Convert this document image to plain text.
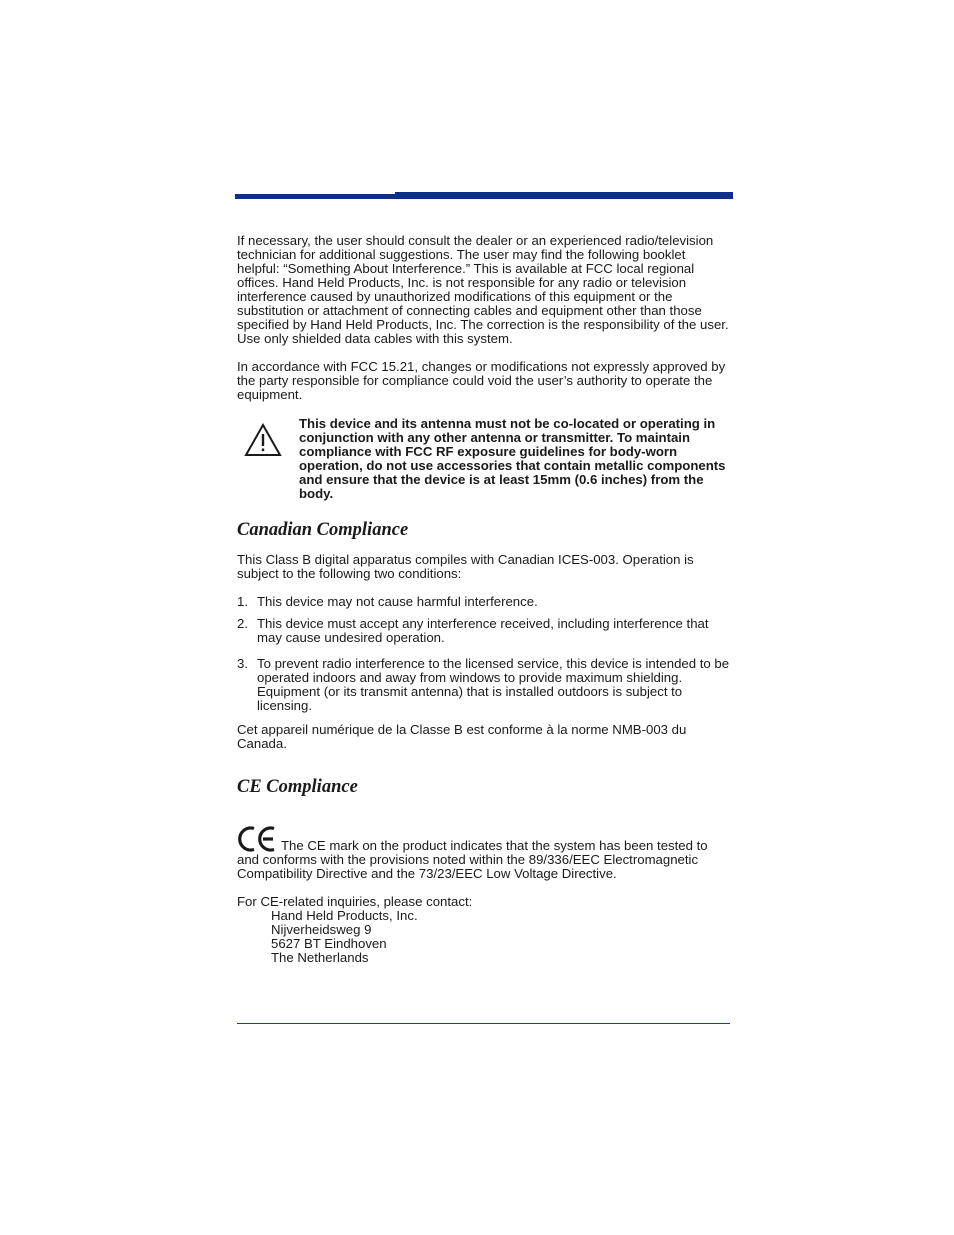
If necessary, the user should consult the dealer or an experienced radio/television technician for additional suggestions. The user may find the following booklet helpful: “Something About Interference.” This is available at FCC local regional offices. Hand Held Products, Inc. is not responsible for any radio or television interference caused by unauthorized modifications of this equipment or the substitution or attachment of connecting cables and equipment other than those specified by Hand Held Products, Inc. The correction is the responsibility of the user. Use only shielded data cables with this system.

In accordance with FCC 15.21, changes or modifications not expressly approved by the party responsible for compliance could void the user’s authority to operate the equipment.

This device and its antenna must not be co-located or operating in conjunction with any other antenna or transmitter. To maintain compliance with FCC RF exposure guidelines for body-worn operation, do not use accessories that contain metallic components and ensure that the device is at least 15mm (0.6 inches) from the body.

Canadian Compliance

This Class B digital apparatus compiles with Canadian ICES-003. Operation is subject to the following two conditions:

1. This device may not cause harmful interference.
2. This device must accept any interference received, including interference that may cause undesired operation.
3. To prevent radio interference to the licensed service, this device is intended to be operated indoors and away from windows to provide maximum shielding. Equipment (or its transmit antenna) that is installed outdoors is subject to licensing.

Cet appareil numérique de la Classe B est conforme à la norme NMB-003 du Canada.

CE Compliance

The CE mark on the product indicates that the system has been tested to and conforms with the provisions noted within the 89/336/EEC Electromagnetic Compatibility Directive and the 73/23/EEC Low Voltage Directive.

For CE-related inquiries, please contact:

Hand Held Products, Inc.
Nijverheidsweg 9
5627 BT Eindhoven
The Netherlands
